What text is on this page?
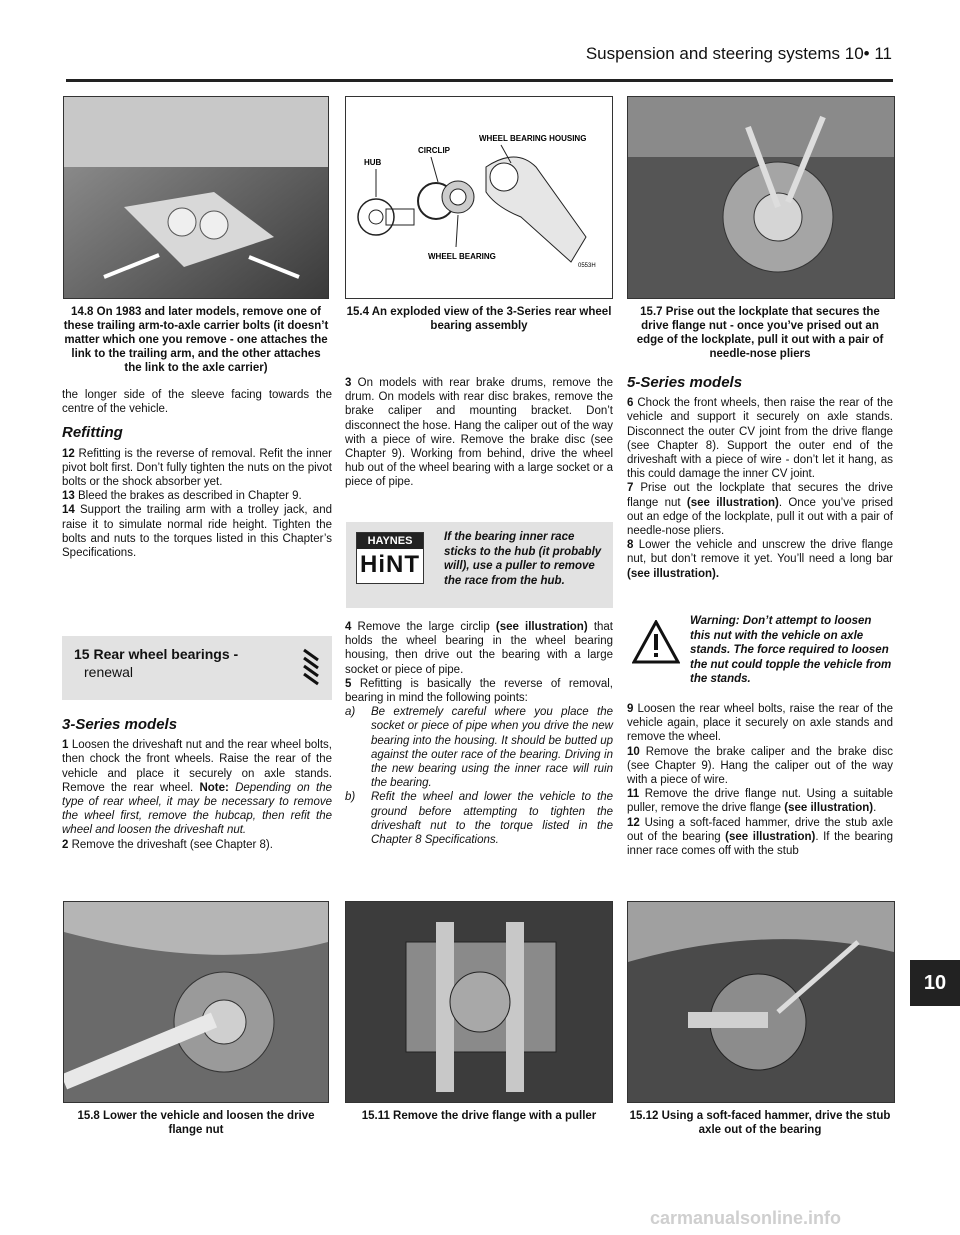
Suspension and steering systems 10• 11
14.8 On 1983 and later models, remove one of these trailing arm-to-axle carrier bolts (it doesn’t matter which one you remove - one attaches the link to the trailing arm, and the other attaches the link to the axle carrier)
HUB
CIRCLIP
WHEEL BEARING HOUSING
WHEEL BEARING
0553H
15.4 An exploded view of the 3-Series rear wheel bearing assembly
15.7 Prise out the lockplate that secures the drive flange nut - once you’ve prised out an edge of the lockplate, pull it out with a pair of needle-nose pliers

the longer side of the sleeve facing towards the centre of the vehicle.

Refitting

12 Refitting is the reverse of removal. Refit the inner pivot bolt first. Don’t fully tighten the nuts on the pivot bolts or the shock absorber yet.

13 Bleed the brakes as described in Chapter 9.

14 Support the trailing arm with a trolley jack, and raise it to simulate normal ride height. Tighten the bolts and nuts to the torques listed in this Chapter’s Specifications.

15 Rear wheel bearings -
renewal
3-Series models

1 Loosen the driveshaft nut and the rear wheel bolts, then chock the front wheels. Raise the rear of the vehicle and place it securely on axle stands. Remove the rear wheel. Note: Depending on the type of rear wheel, it may be necessary to remove the wheel first, remove the hubcap, then refit the wheel and loosen the driveshaft nut.

2 Remove the driveshaft (see Chapter 8).

3 On models with rear brake drums, remove the drum. On models with rear disc brakes, remove the brake caliper and mounting bracket. Don’t disconnect the hose. Hang the caliper out of the way with a piece of wire. Remove the brake disc (see Chapter 9). Working from behind, drive the wheel hub out of the wheel bearing with a large socket or a piece of pipe.

HAYNES
HiNT
If the bearing inner race sticks to the hub (it probably will), use a puller to remove the race from the hub.

4 Remove the large circlip (see illustration) that holds the wheel bearing in the wheel bearing housing, then drive out the bearing with a large socket or piece of pipe.

5 Refitting is basically the reverse of removal, bearing in mind the following points:

a) Be extremely careful where you place the socket or piece of pipe when you drive the new bearing into the housing. It should be butted up against the outer race of the bearing. Driving in the new bearing using the inner race will ruin the bearing.
b) Refit the wheel and lower the vehicle to the ground before attempting to tighten the driveshaft nut to the torque listed in the Chapter 8 Specifications.
5-Series models

6 Chock the front wheels, then raise the rear of the vehicle and support it securely on axle stands. Disconnect the outer CV joint from the drive flange (see Chapter 8). Support the outer end of the driveshaft with a piece of wire - don’t let it hang, as this could damage the inner CV joint.

7 Prise out the lockplate that secures the drive flange nut (see illustration). Once you’ve prised out an edge of the lockplate, pull it out with a pair of needle-nose pliers.

8 Lower the vehicle and unscrew the drive flange nut, but don’t remove it yet. You’ll need a long bar (see illustration).

Warning: Don’t attempt to loosen this nut with the vehicle on axle stands. The force required to loosen the nut could topple the vehicle from the stands.

9 Loosen the rear wheel bolts, raise the rear of the vehicle again, place it securely on axle stands and remove the wheel.

10 Remove the brake caliper and the brake disc (see Chapter 9). Hang the caliper out of the way with a piece of wire.

11 Remove the drive flange nut. Using a suitable puller, remove the drive flange (see illustration).

12 Using a soft-faced hammer, drive the stub axle out of the bearing (see illustration). If the bearing inner race comes off with the stub

15.8 Lower the vehicle and loosen the drive flange nut
15.11 Remove the drive flange with a puller	15.12 Using a soft-faced hammer, drive the stub axle out of the bearing
10
carmanualsonline.info
